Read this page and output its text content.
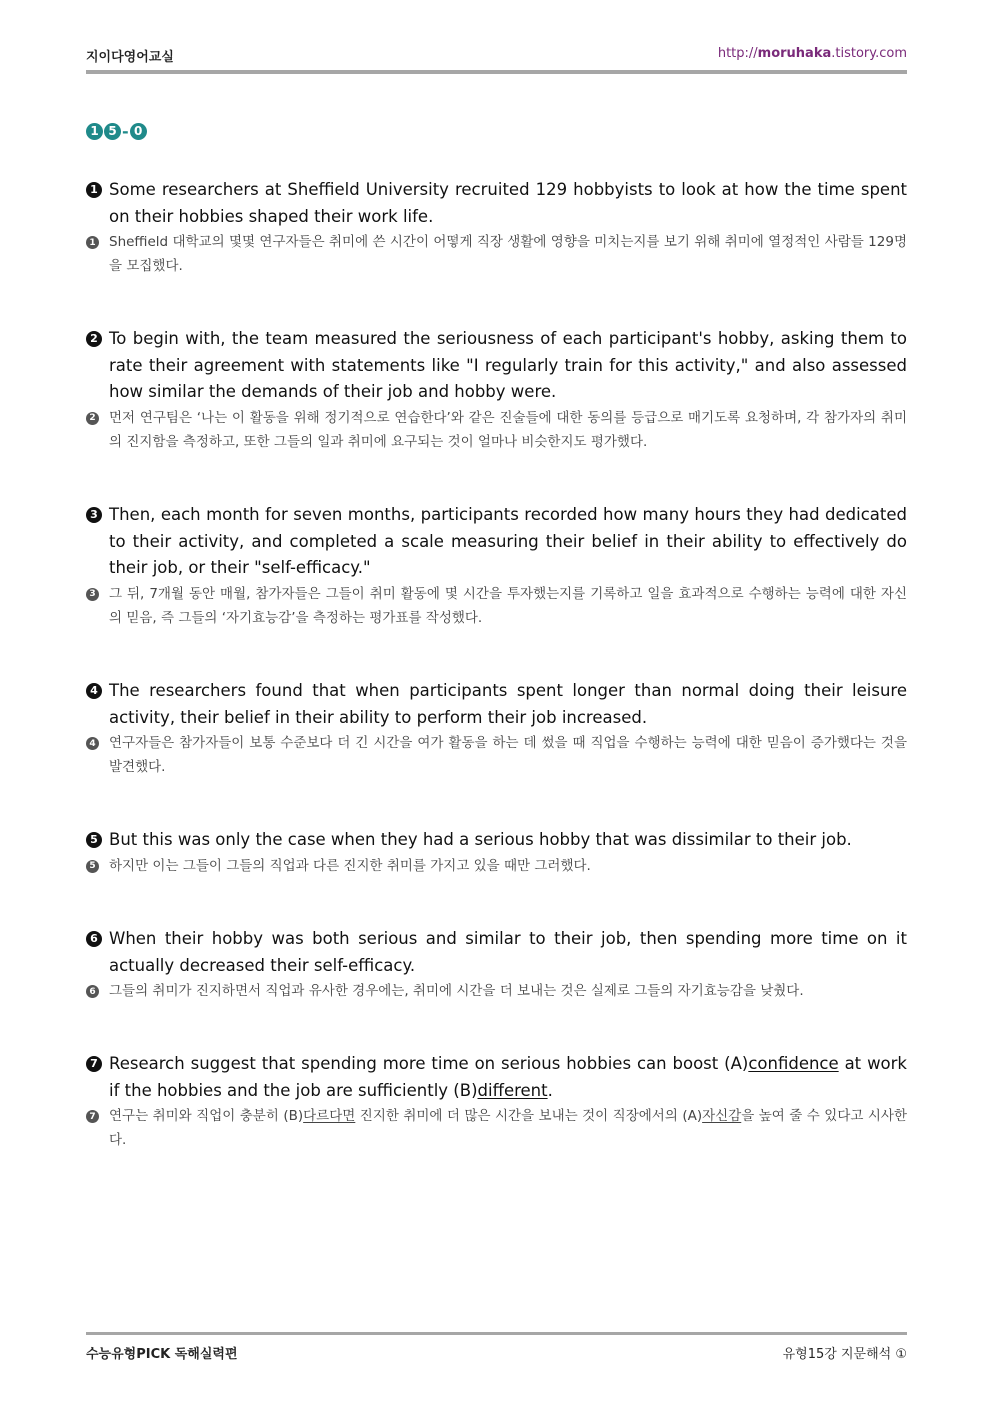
지이다영어교실	http://moruhaka.tistory.com
1 5 - 0
1 Some researchers at Sheffield University recruited 129 hobbyists to look at how the time spent on their hobbies shaped their work life.
1 Sheffield 대학교의 몇몇 연구자들은 취미에 쓴 시간이 어떻게 직장 생활에 영향을 미치는지를 보기 위해 취미에 열정적인 사람들 129명을 모집했다.
2 To begin with, the team measured the seriousness of each participant's hobby, asking them to rate their agreement with statements like "I regularly train for this activity," and also assessed how similar the demands of their job and hobby were.
2 먼저 연구팀은 ‘나는 이 활동을 위해 정기적으로 연습한다’와 같은 진술들에 대한 동의를 등급으로 매기도록 요청하며, 각 참가자의 취미의 진지함을 측정하고, 또한 그들의 일과 취미에 요구되는 것이 얼마나 비슷한지도 평가했다.
3 Then, each month for seven months, participants recorded how many hours they had dedicated to their activity, and completed a scale measuring their belief in their ability to effectively do their job, or their "self-efficacy."
3 그 뒤, 7개월 동안 매월, 참가자들은 그들이 취미 활동에 몇 시간을 투자했는지를 기록하고 일을 효과적으로 수행하는 능력에 대한 자신의 믿음, 즉 그들의 ‘자기효능감’을 측정하는 평가표를 작성했다.
4 The researchers found that when participants spent longer than normal doing their leisure activity, their belief in their ability to perform their job increased.
4 연구자들은 참가자들이 보통 수준보다 더 긴 시간을 여가 활동을 하는 데 썼을 때 직업을 수행하는 능력에 대한 믿음이 증가했다는 것을 발견했다.
5 But this was only the case when they had a serious hobby that was dissimilar to their job.
5 하지만 이는 그들이 그들의 직업과 다른 진지한 취미를 가지고 있을 때만 그러했다.
6 When their hobby was both serious and similar to their job, then spending more time on it actually decreased their self-efficacy.
6 그들의 취미가 진지하면서 직업과 유사한 경우에는, 취미에 시간을 더 보내는 것은 실제로 그들의 자기효능감을 낮췄다.
7 Research suggest that spending more time on serious hobbies can boost (A)confidence at work if the hobbies and the job are sufficiently (B)different.
7 연구는 취미와 직업이 충분히 (B)다르다면 진지한 취미에 더 많은 시간을 보내는 것이 직장에서의 (A)자신감을 높여 줄 수 있다고 시사한다.
수능유형PICK 독해실력편	유형15강 지문해석 ①
